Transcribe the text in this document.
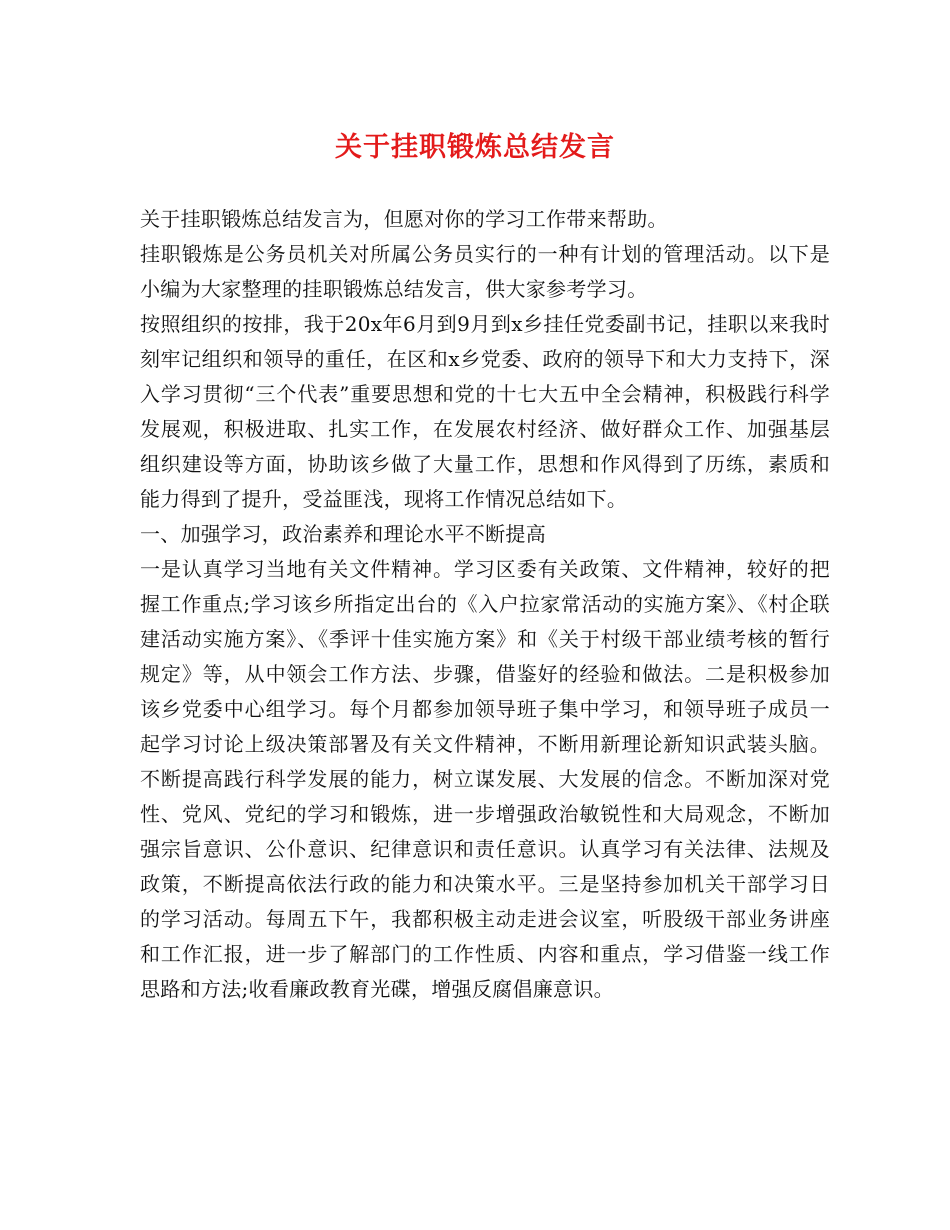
关于挂职锻炼总结发言

关于挂职锻炼总结发言为，但愿对你的学习工作带来帮助。

挂职锻炼是公务员机关对所属公务员实行的一种有计划的管理活动。以下是小编为大家整理的挂职锻炼总结发言，供大家参考学习。

按照组织的按排，我于20x年6月到9月到x乡挂任党委副书记，挂职以来我时刻牢记组织和领导的重任，在区和x乡党委、政府的领导下和大力支持下，深入学习贯彻“三个代表”重要思想和党的十七大五中全会精神，积极践行科学发展观，积极进取、扎实工作，在发展农村经济、做好群众工作、加强基层组织建设等方面，协助该乡做了大量工作，思想和作风得到了历练，素质和能力得到了提升，受益匪浅，现将工作情况总结如下。

一、加强学习，政治素养和理论水平不断提高

一是认真学习当地有关文件精神。学习区委有关政策、文件精神，较好的把握工作重点;学习该乡所指定出台的《入户拉家常活动的实施方案》、《村企联建活动实施方案》、《季评十佳实施方案》和《关于村级干部业绩考核的暂行规定》等，从中领会工作方法、步骤，借鉴好的经验和做法。二是积极参加该乡党委中心组学习。每个月都参加领导班子集中学习，和领导班子成员一起学习讨论上级决策部署及有关文件精神，不断用新理论新知识武装头脑。不断提高践行科学发展的能力，树立谋发展、大发展的信念。不断加深对党性、党风、党纪的学习和锻炼，进一步增强政治敏锐性和大局观念，不断加强宗旨意识、公仆意识、纪律意识和责任意识。认真学习有关法律、法规及政策，不断提高依法行政的能力和决策水平。三是坚持参加机关干部学习日的学习活动。每周五下午，我都积极主动走进会议室，听股级干部业务讲座和工作汇报，进一步了解部门的工作性质、内容和重点，学习借鉴一线工作思路和方法;收看廉政教育光碟，增强反腐倡廉意识。
